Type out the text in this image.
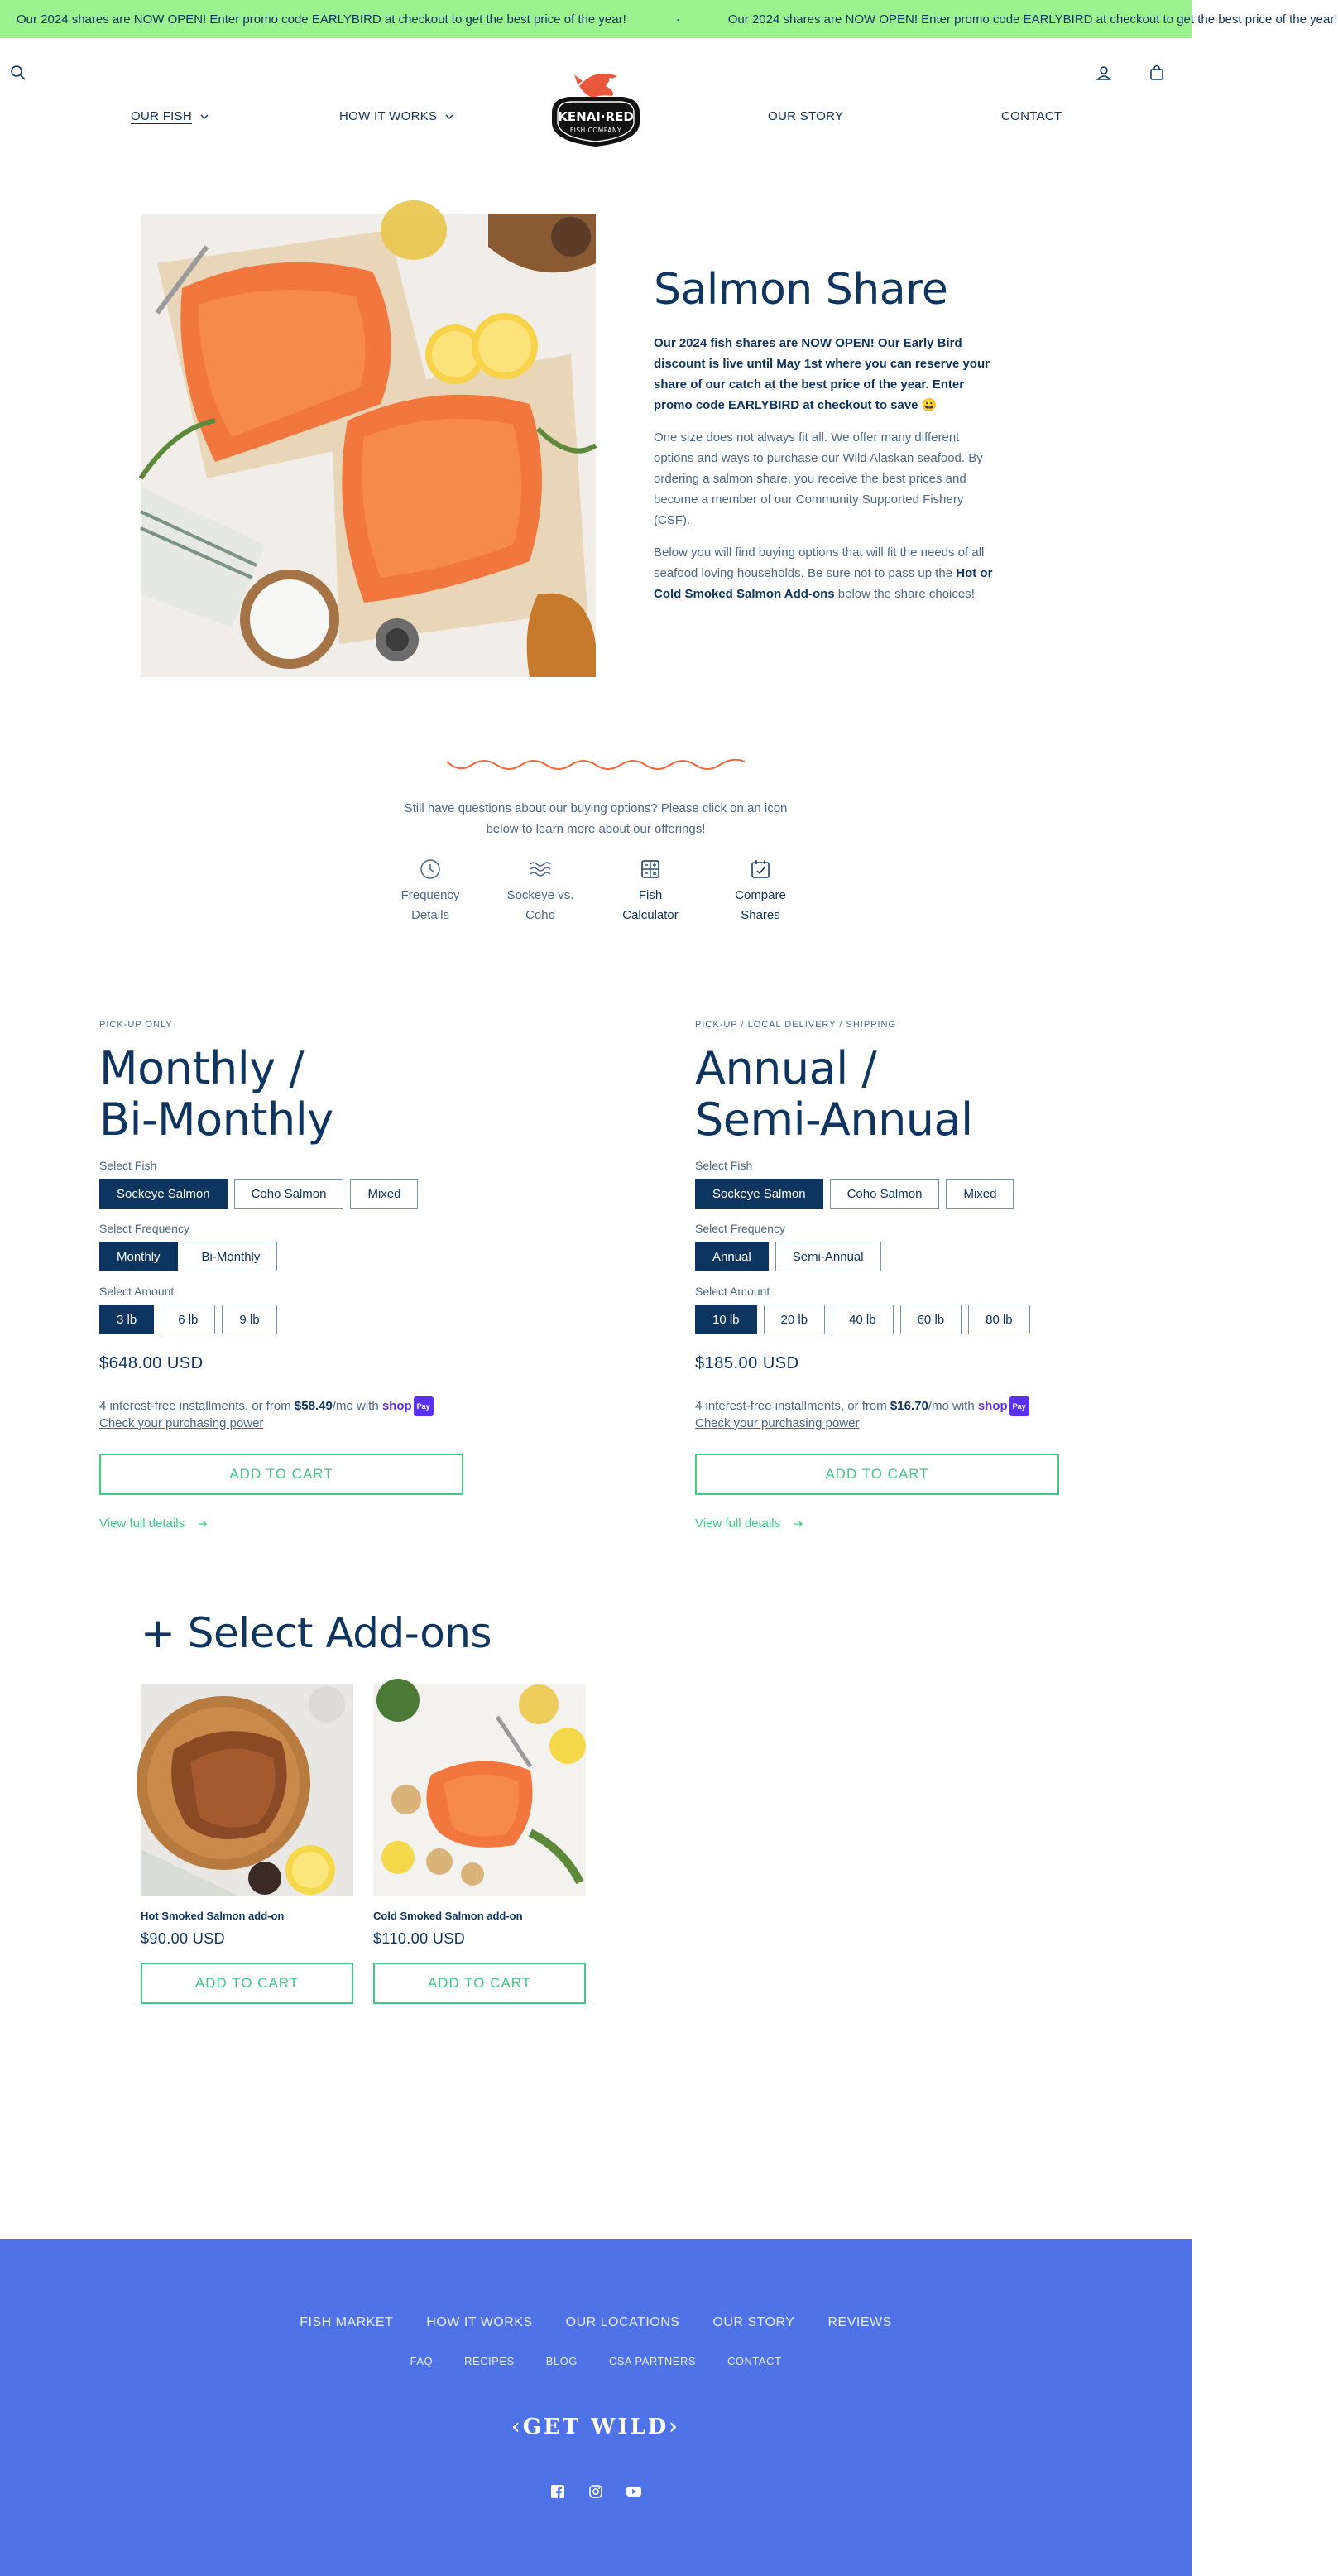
Our 2024 shares are NOW OPEN! Enter promo code EARLYBIRD at checkout to get the best price of the year!	·	Our 2024 shares are NOW OPEN! Enter promo code EARLYBIRD at checkout to get the best price of the year!
OUR FISH	HOW IT WORKS	OUR STORY	CONTACT
KENAI·RED
FISH COMPANY
Salmon Share

Our 2024 fish shares are NOW OPEN! Our Early Bird discount is live until May 1st where you can reserve your share of our catch at the best price of the year. Enter promo code EARLYBIRD at checkout to save 😀

One size does not always fit all. We offer many different options and ways to purchase our Wild Alaskan seafood. By ordering a salmon share, you receive the best prices and become a member of our Community Supported Fishery (CSF).

Below you will find buying options that will fit the needs of all seafood loving households. Be sure not to pass up the Hot or Cold Smoked Salmon Add-ons below the share choices!

Still have questions about our buying options? Please click on an icon below to learn more about our offerings!
Frequency
Details
Sockeye vs.
Coho
Fish
Calculator
Compare
Shares
PICK-UP ONLY
Monthly /
Bi-Monthly
Select Fish
Sockeye Salmon	Coho Salmon	Mixed
Select Frequency
Monthly	Bi-Monthly
Select Amount
3 lb	6 lb	9 lb
$648.00 USD
4 interest-free installments, or from $58.49/mo with shop Pay
Check your purchasing power
ADD TO CART
View full details
PICK-UP / LOCAL DELIVERY / SHIPPING
Annual /
Semi-Annual
Select Fish
Sockeye Salmon	Coho Salmon	Mixed
Select Frequency
Annual	Semi-Annual
Select Amount
10 lb	20 lb	40 lb	60 lb	80 lb
$185.00 USD
4 interest-free installments, or from $16.70/mo with shop Pay
Check your purchasing power
ADD TO CART
View full details
+ Select Add-ons
Hot Smoked Salmon add-on
$90.00 USD
ADD TO CART
Cold Smoked Salmon add-on
$110.00 USD
ADD TO CART
FISH MARKET	HOW IT WORKS	OUR LOCATIONS	OUR STORY	REVIEWS
FAQ	RECIPES	BLOG	CSA PARTNERS	CONTACT
‹GET WILD›
